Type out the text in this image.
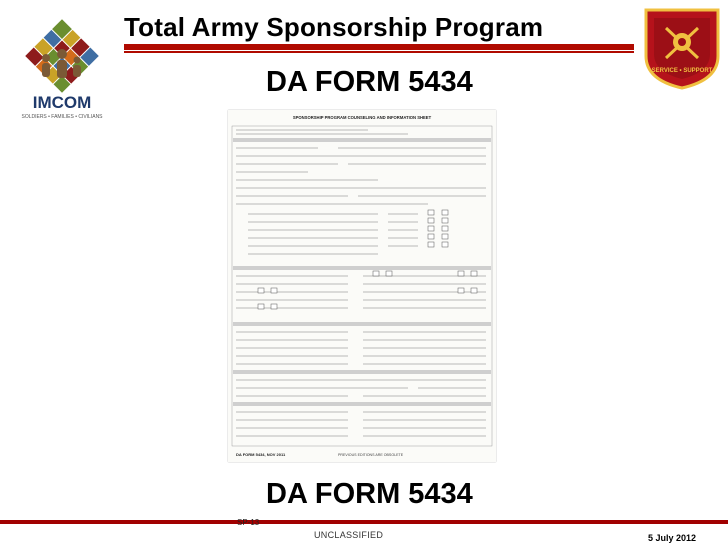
IMCOM
SOLDIERS • FAMILIES • CIVILIANS
Total Army Sponsorship Program
SERVICE • SUPPORT
DA FORM 5434
SPONSORSHIP PROGRAM COUNSELING AND INFORMATION SHEET
DA FORM 5434, NOV 2011	PREVIOUS EDITIONS ARE OBSOLETE
DA FORM 5434
SP-13
UNCLASSIFIED	5 July 2012
